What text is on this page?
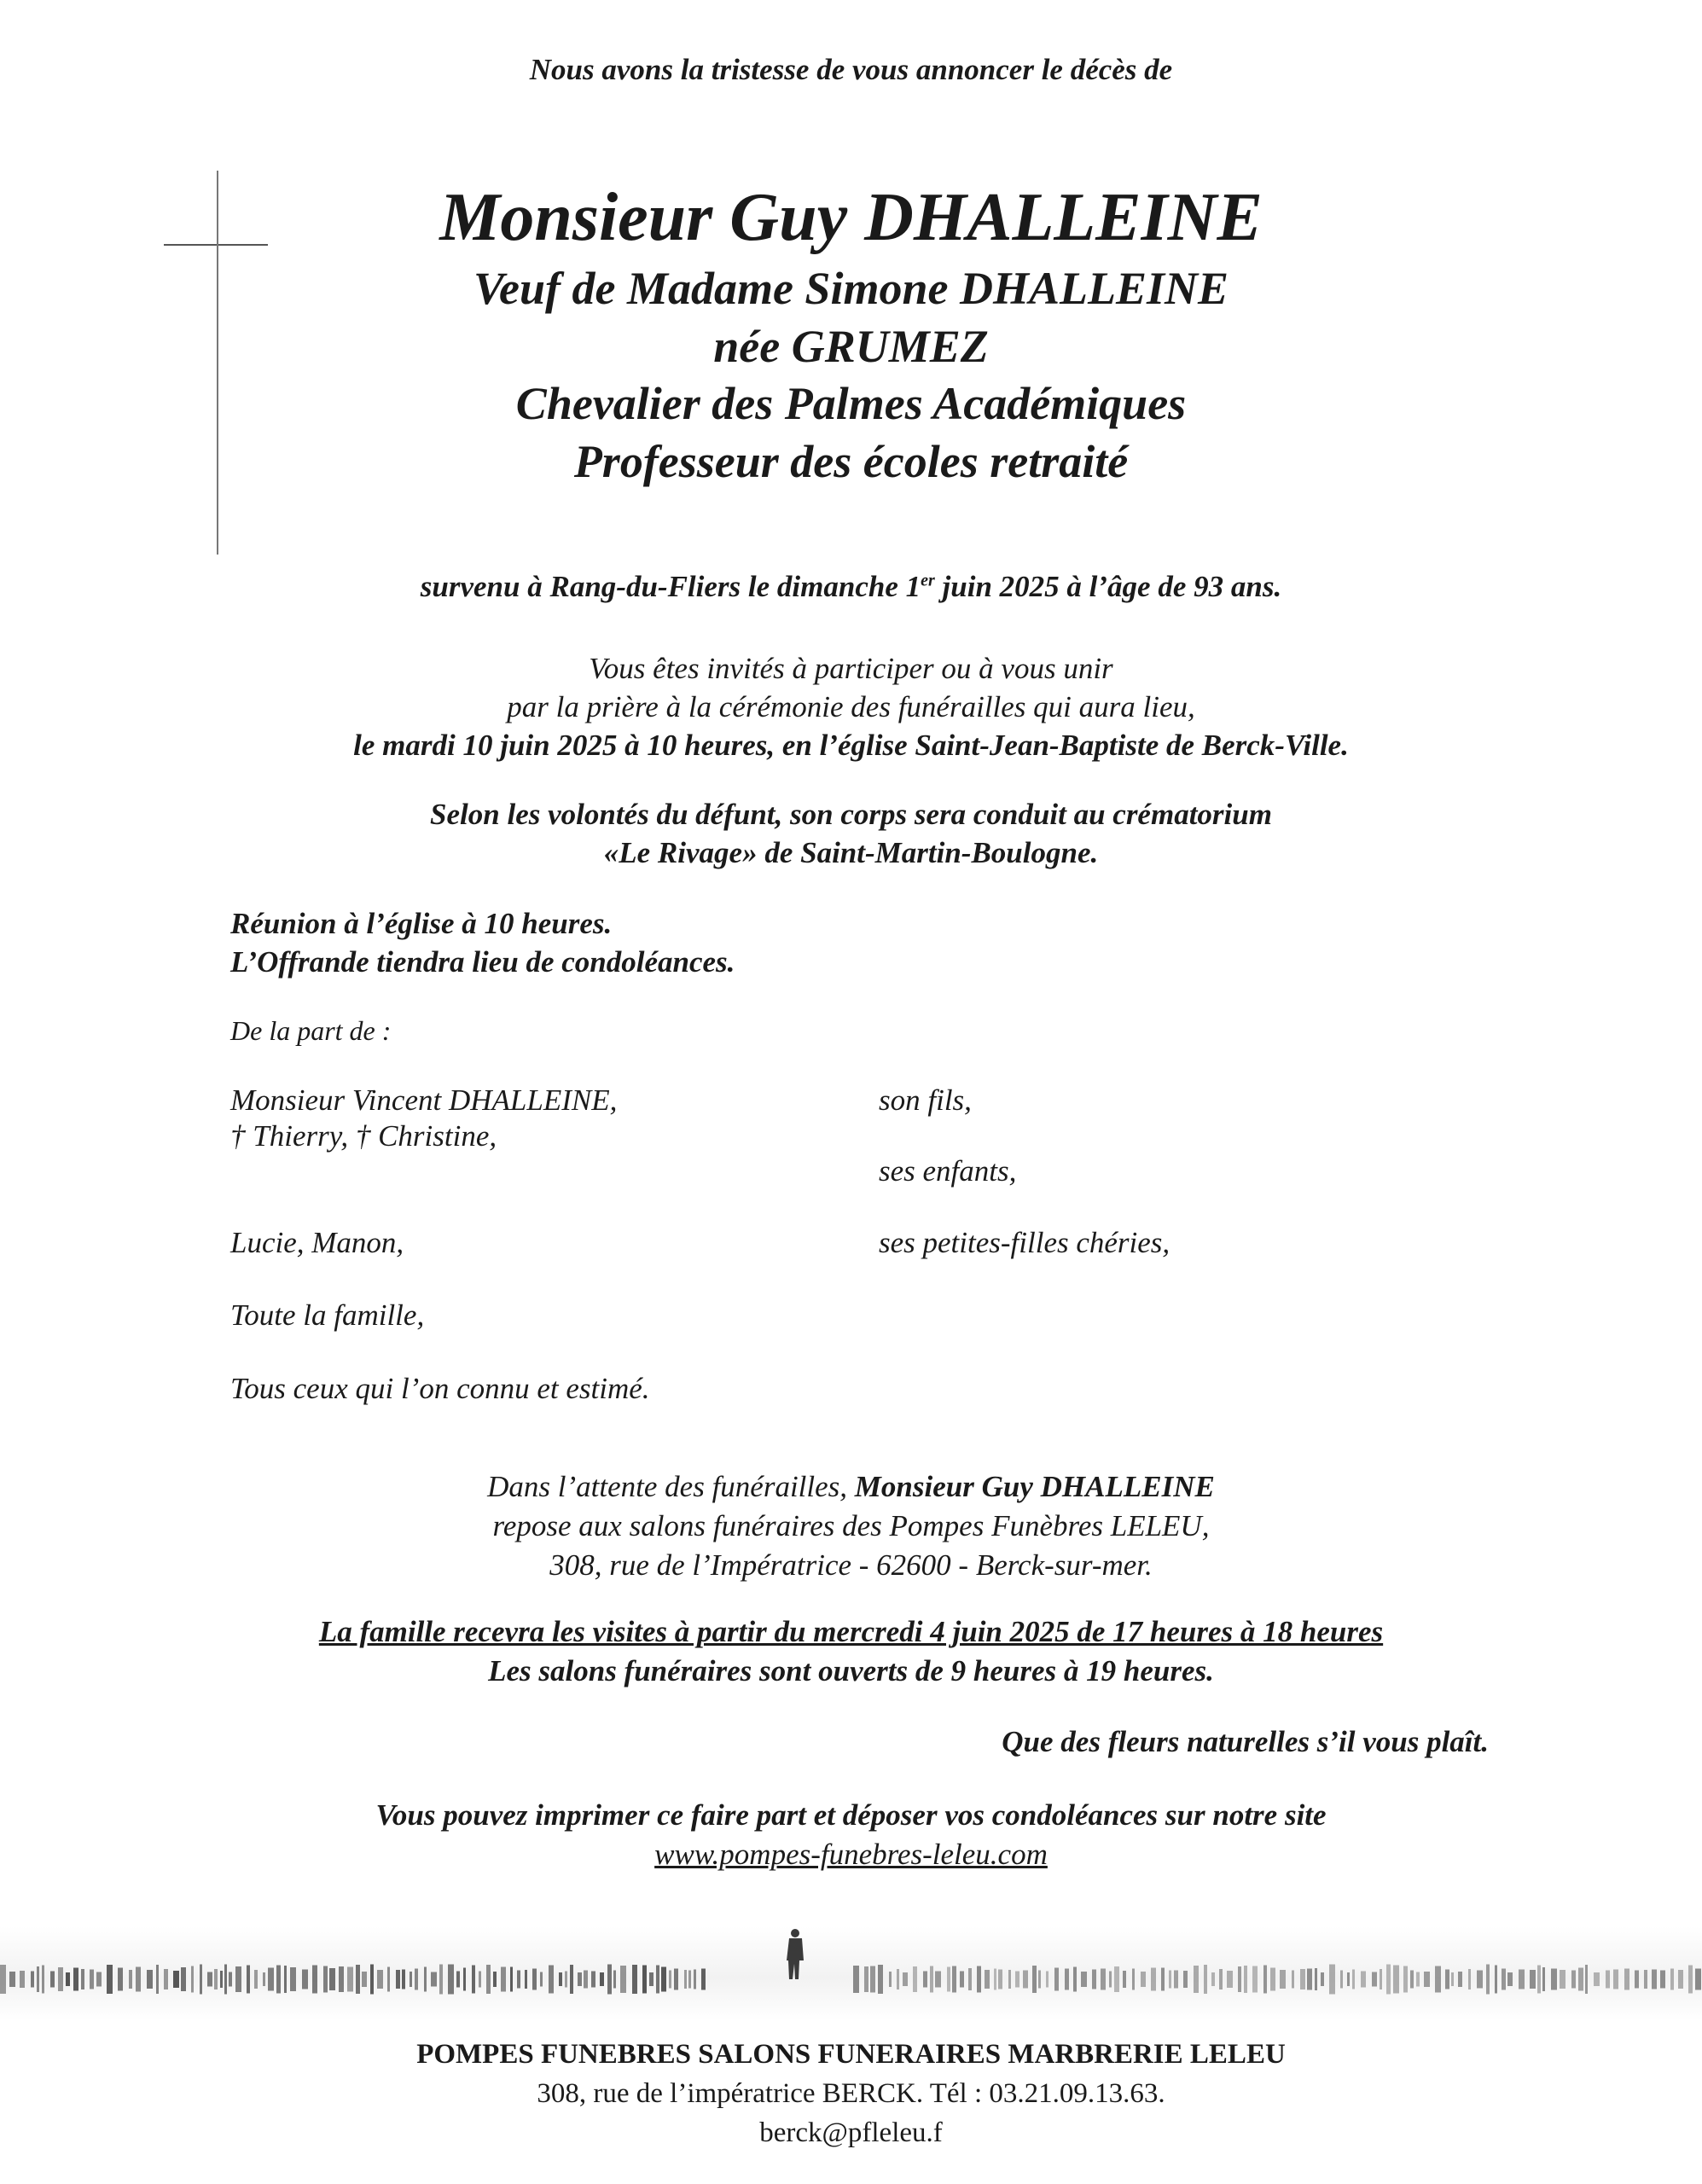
Nous avons la tristesse de vous annoncer le décès de
Monsieur Guy DHALLEINE
Veuf de Madame Simone DHALLEINE
née GRUMEZ
Chevalier des Palmes Académiques
Professeur des écoles retraité
survenu à Rang-du-Fliers le dimanche 1er juin 2025 à l’âge de 93 ans.
Vous êtes invités à participer ou à vous unir
par la prière à la cérémonie des funérailles qui aura lieu,
le mardi 10 juin 2025 à 10 heures, en l’église Saint-Jean-Baptiste de Berck-Ville.
Selon les volontés du défunt, son corps sera conduit au crématorium
«Le Rivage» de Saint-Martin-Boulogne.
Réunion à l’église à 10 heures.
L’Offrande tiendra lieu de condoléances.
De la part de :
Monsieur Vincent DHALLEINE,	son fils,
† Thierry, † Christine,
ses enfants,
Lucie, Manon,	ses petites-filles chéries,
Toute la famille,
Tous ceux qui l’on connu et estimé.
Dans l’attente des funérailles, Monsieur Guy DHALLEINE
repose aux salons funéraires des Pompes Funèbres LELEU,
308, rue de l’Impératrice - 62600 - Berck-sur-mer.
La famille recevra les visites à partir du mercredi 4 juin 2025 de 17 heures à 18 heures
Les salons funéraires sont ouverts de 9 heures à 19 heures.
Que des fleurs naturelles s’il vous plaît.
Vous pouvez imprimer ce faire part et déposer vos condoléances sur notre site
www.pompes-funebres-leleu.com
POMPES FUNEBRES SALONS FUNERAIRES MARBRERIE LELEU
308, rue de l’impératrice BERCK. Tél : 03.21.09.13.63.
berck@pfleleu.f
